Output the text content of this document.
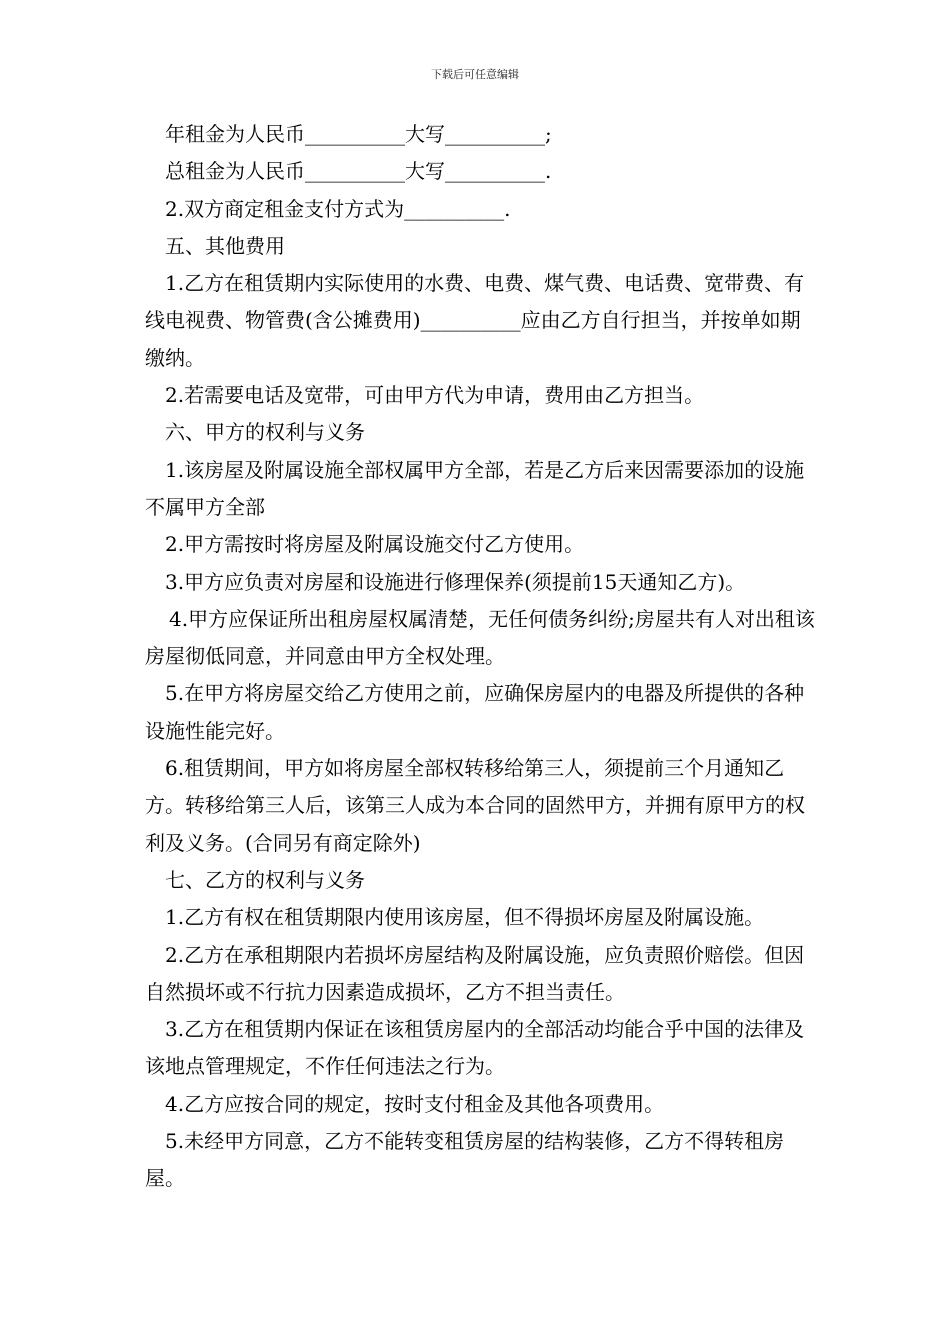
下载后可任意编辑

年租金为人民币__________大写__________;

总租金为人民币__________大写__________.

2.双方商定租金支付方式为__________.

五、其他费用

1.乙方在租赁期内实际使用的水费、电费、煤气费、电话费、宽带费、有线电视费、物管费(含公摊费用)__________应由乙方自行担当，并按单如期缴纳。

2.若需要电话及宽带，可由甲方代为申请，费用由乙方担当。

六、甲方的权利与义务

1.该房屋及附属设施全部权属甲方全部，若是乙方后来因需要添加的设施不属甲方全部

2.甲方需按时将房屋及附属设施交付乙方使用。

3.甲方应负责对房屋和设施进行修理保养(须提前15天通知乙方)。

4.甲方应保证所出租房屋权属清楚，无任何债务纠纷;房屋共有人对出租该房屋彻低同意，并同意由甲方全权处理。

5.在甲方将房屋交给乙方使用之前，应确保房屋内的电器及所提供的各种设施性能完好。

6.租赁期间，甲方如将房屋全部权转移给第三人，须提前三个月通知乙方。转移给第三人后，该第三人成为本合同的固然甲方，并拥有原甲方的权利及义务。(合同另有商定除外)

七、乙方的权利与义务

1.乙方有权在租赁期限内使用该房屋，但不得损坏房屋及附属设施。

2.乙方在承租期限内若损坏房屋结构及附属设施，应负责照价赔偿。但因自然损坏或不行抗力因素造成损坏，乙方不担当责任。

3.乙方在租赁期内保证在该租赁房屋内的全部活动均能合乎中国的法律及该地点管理规定，不作任何违法之行为。

4.乙方应按合同的规定，按时支付租金及其他各项费用。

5.未经甲方同意，乙方不能转变租赁房屋的结构装修，乙方不得转租房屋。
